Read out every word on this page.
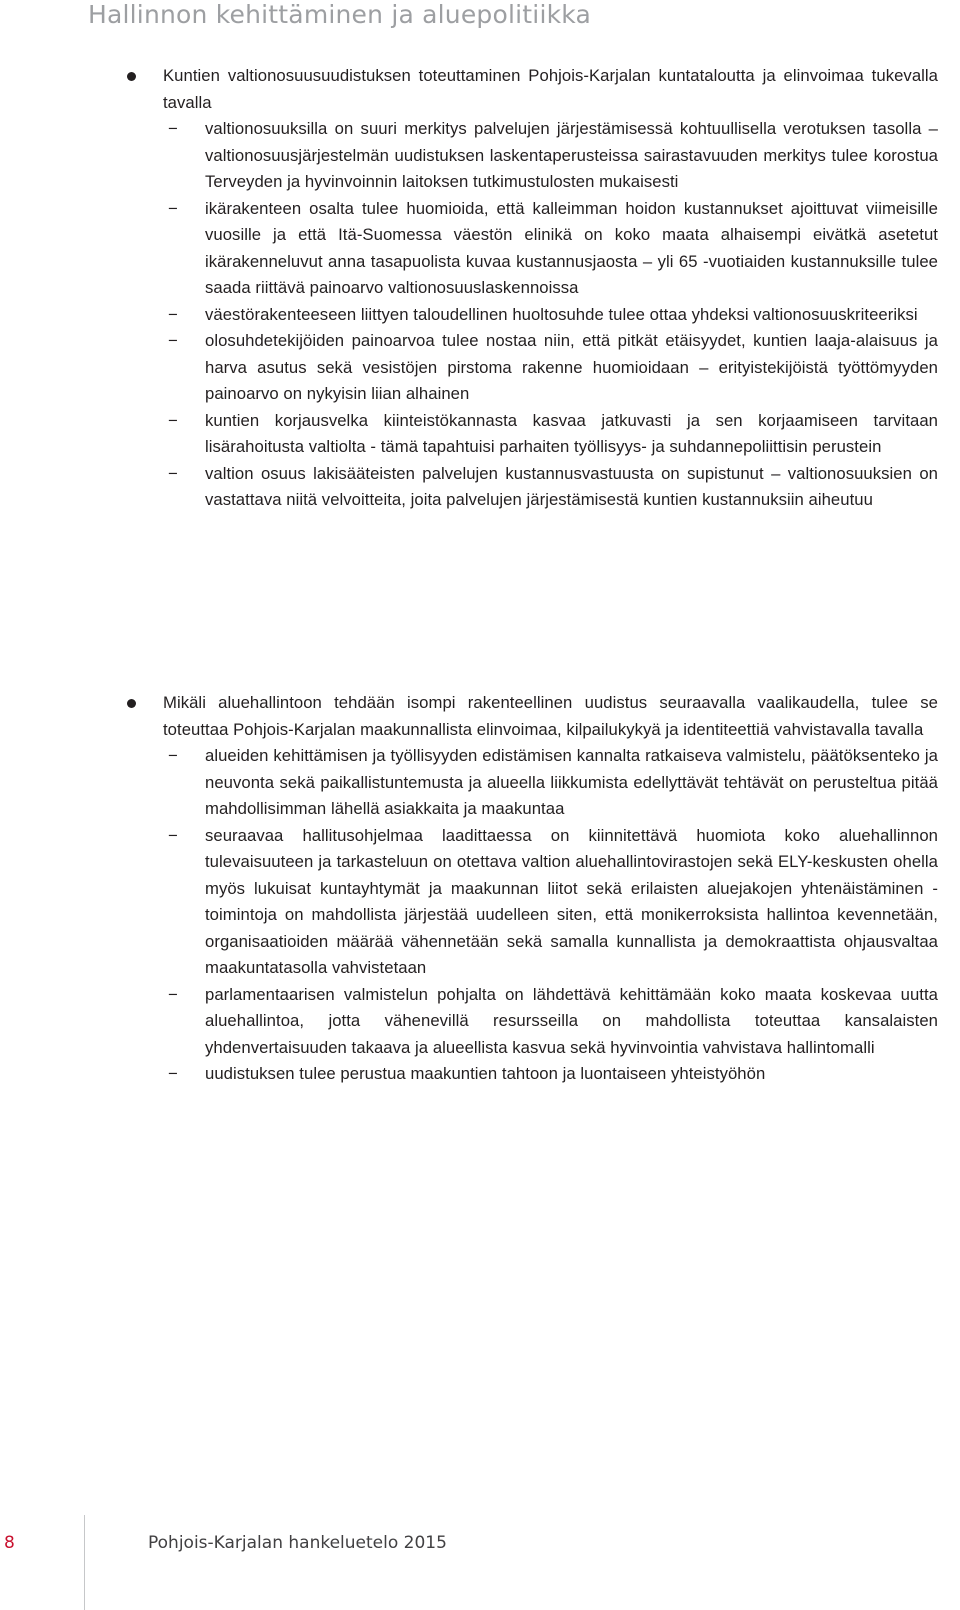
Hallinnon kehittäminen ja aluepolitiikka

Kuntien valtionosuusuudistuksen toteuttaminen Pohjois-Karjalan kuntataloutta ja elinvoimaa tukevalla tavalla

− valtionosuuksilla on suuri merkitys palvelujen järjestämisessä kohtuullisella verotuksen tasolla – valtionosuusjärjestelmän uudistuksen laskentaperusteissa sairastavuuden merkitys tulee korostua Terveyden ja hyvinvoinnin laitoksen tutkimustulosten mukaisesti

− ikärakenteen osalta tulee huomioida, että kalleimman hoidon kustannukset ajoittuvat viimeisille vuosille ja että Itä-Suomessa väestön elinikä on koko maata alhaisempi eivätkä asetetut ikärakenneluvut anna tasapuolista kuvaa kustannusjaosta – yli 65 -vuotiaiden kustannuksille tulee saada riittävä painoarvo valtionosuuslaskennoissa

− väestörakenteeseen liittyen taloudellinen huoltosuhde tulee ottaa yhdeksi valtionosuuskriteeriksi

− olosuhdetekijöiden painoarvoa tulee nostaa niin, että pitkät etäisyydet, kuntien laaja-alaisuus ja harva asutus sekä vesistöjen pirstoma rakenne huomioidaan – erityistekijöistä työttömyyden painoarvo on nykyisin liian alhainen

− kuntien korjausvelka kiinteistökannasta kasvaa jatkuvasti ja sen korjaamiseen tarvitaan lisärahoitusta valtiolta - tämä tapahtuisi parhaiten työllisyys- ja suhdannepoliittisin perustein

− valtion osuus lakisääteisten palvelujen kustannusvastuusta on supistunut – valtionosuuksien on vastattava niitä velvoitteita, joita palvelujen järjestämisestä kuntien kustannuksiin aiheutuu

Mikäli aluehallintoon tehdään isompi rakenteellinen uudistus seuraavalla vaalikaudella, tulee se toteuttaa Pohjois-Karjalan maakunnallista elinvoimaa, kilpailukykyä ja identiteettiä vahvistavalla tavalla

− alueiden kehittämisen ja työllisyyden edistämisen kannalta ratkaiseva valmistelu, päätöksenteko ja neuvonta sekä paikallistuntemusta ja alueella liikkumista edellyttävät tehtävät on perusteltua pitää mahdollisimman lähellä asiakkaita ja maakuntaa

− seuraavaa hallitusohjelmaa laadittaessa on kiinnitettävä huomiota koko aluehallinnon tulevaisuuteen ja tarkasteluun on otettava valtion aluehallintovirastojen sekä ELY-keskusten ohella myös lukuisat kuntayhtymät ja maakunnan liitot sekä erilaisten aluejakojen yhtenäistäminen - toimintoja on mahdollista järjestää uudelleen siten, että monikerroksista hallintoa kevennetään, organisaatioiden määrää vähennetään sekä samalla kunnallista ja demokraattista ohjausvaltaa maakuntatasolla vahvistetaan

− parlamentaarisen valmistelun pohjalta on lähdettävä kehittämään koko maata koskevaa uutta aluehallintoa, jotta vähenevillä resursseilla on mahdollista toteuttaa kansalaisten yhdenvertaisuuden takaava ja alueellista kasvua sekä hyvinvointia vahvistava hallintomalli

− uudistuksen tulee perustua maakuntien tahtoon ja luontaiseen yhteistyöhön

8	Pohjois-Karjalan hankeluetelo 2015
